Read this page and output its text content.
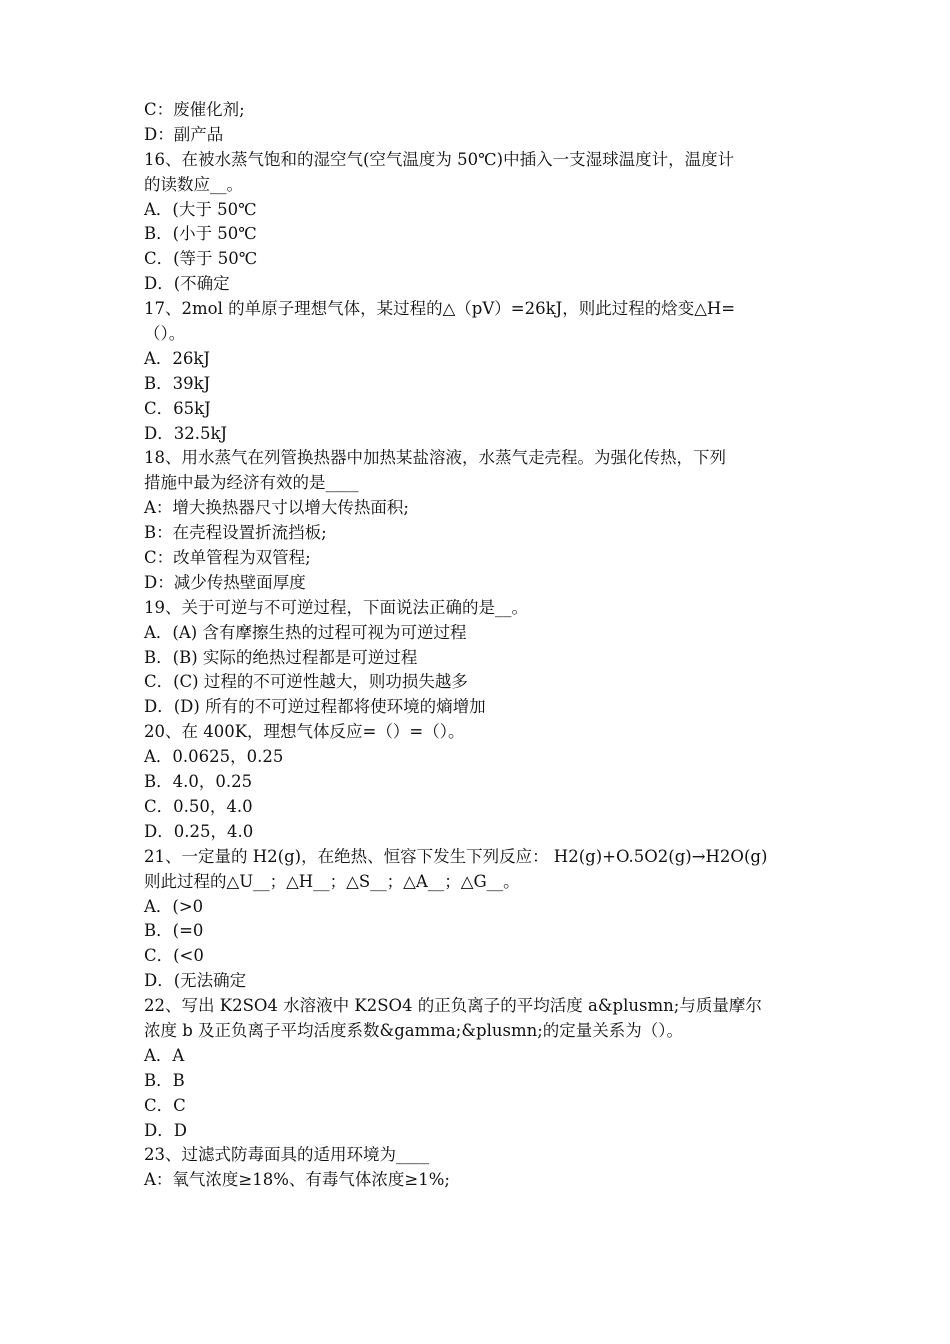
C：废催化剂;
D：副产品
16、在被水蒸气饱和的湿空气(空气温度为 50℃)中插入一支湿球温度计，温度计
的读数应__。
A．(大于 50℃
B．(小于 50℃
C．(等于 50℃
D．(不确定
17、2mol 的单原子理想气体，某过程的△（pV）=26kJ，则此过程的焓变△H=
（）。
A．26kJ
B．39kJ
C．65kJ
D．32.5kJ
18、用水蒸气在列管换热器中加热某盐溶液，水蒸气走壳程。为强化传热，下列
措施中最为经济有效的是____
A：增大换热器尺寸以增大传热面积;
B：在壳程设置折流挡板;
C：改单管程为双管程;
D：减少传热壁面厚度
19、关于可逆与不可逆过程，下面说法正确的是__。
A．(A) 含有摩擦生热的过程可视为可逆过程
B．(B) 实际的绝热过程都是可逆过程
C．(C) 过程的不可逆性越大，则功损失越多
D．(D) 所有的不可逆过程都将使环境的熵增加
20、在 400K，理想气体反应=（）=（）。
A．0.0625，0.25
B．4.0，0.25
C．0.50，4.0
D．0.25，4.0
21、一定量的 H2(g)，在绝热、恒容下发生下列反应： H2(g)+O.5O2(g)→H2O(g)
则此过程的△U__；△H__；△S__；△A__；△G__。
A．(>0
B．(=0
C．(<0
D．(无法确定
22、写出 K2SO4 水溶液中 K2SO4 的正负离子的平均活度 a&plusmn;与质量摩尔
浓度 b 及正负离子平均活度系数&gamma;&plusmn;的定量关系为（）。
A．A
B．B
C．C
D．D
23、过滤式防毒面具的适用环境为____
A：氧气浓度≥18%、有毒气体浓度≥1%;
